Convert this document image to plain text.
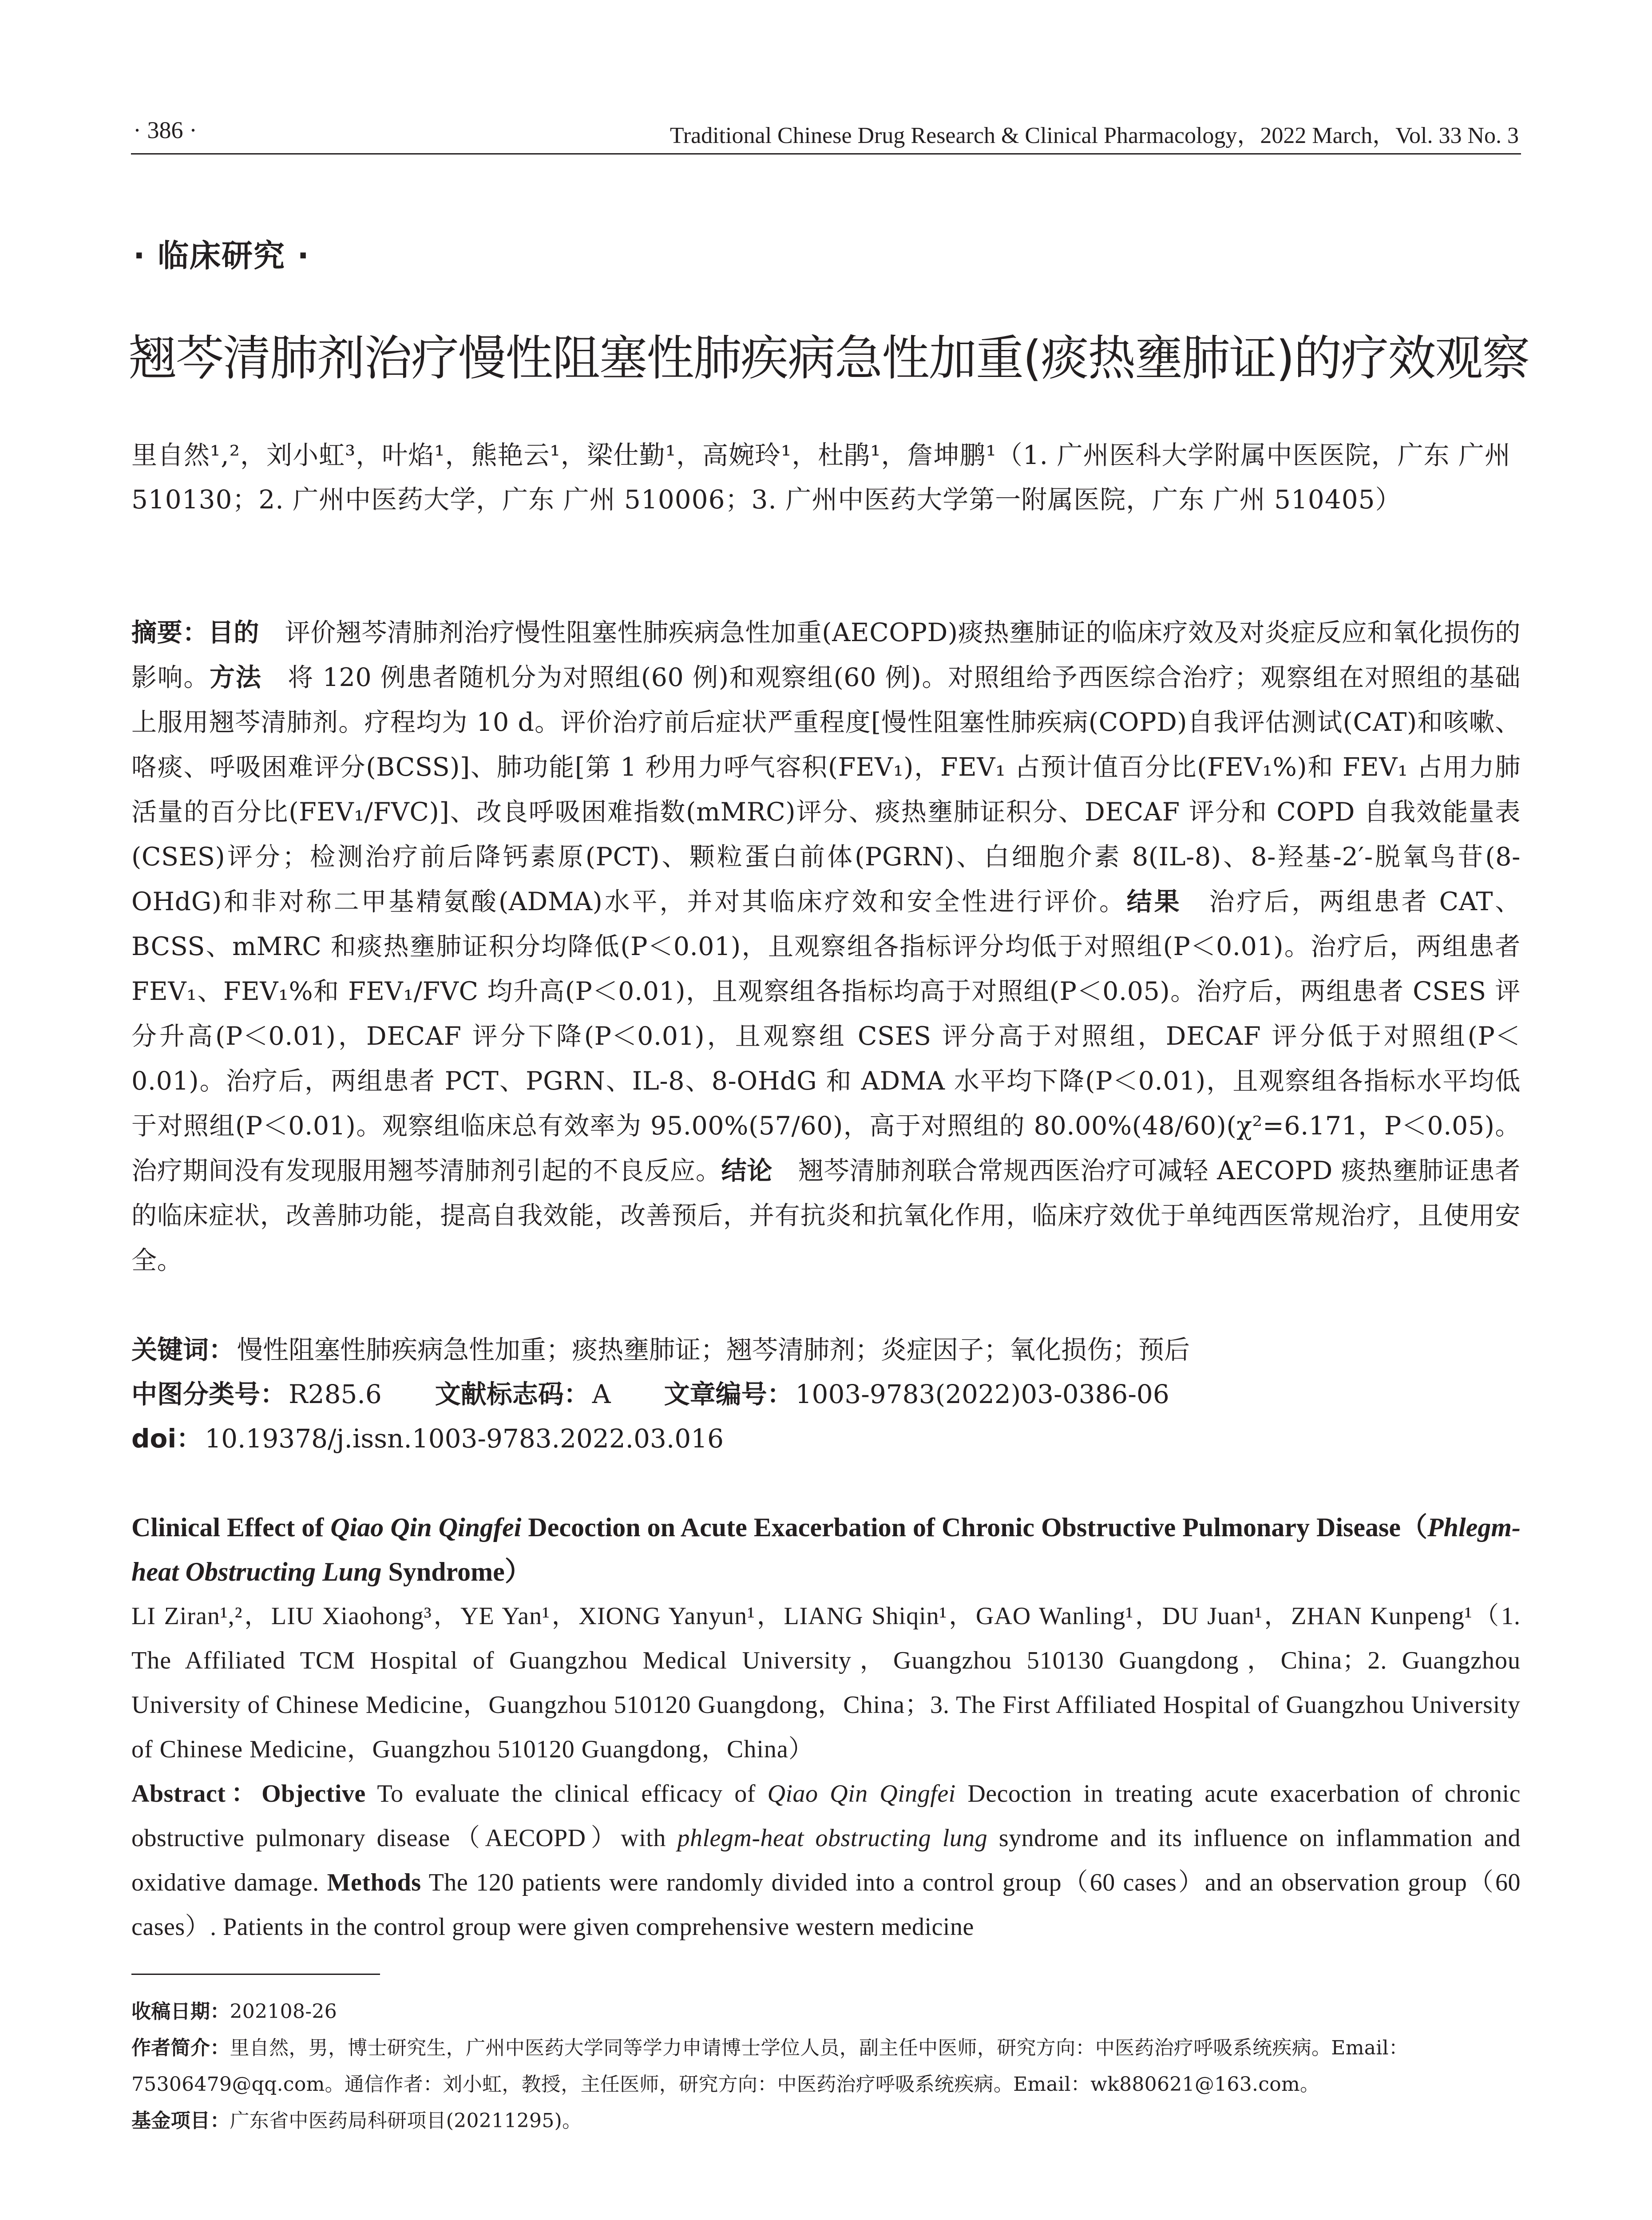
· 386 ·	Traditional Chinese Drug Research & Clinical Pharmacology，2022 March，Vol. 33 No. 3
· 临床研究 ·
翘芩清肺剂治疗慢性阻塞性肺疾病急性加重(痰热壅肺证)的疗效观察
里自然¹,²，刘小虹³，叶焰¹，熊艳云¹，梁仕勤¹，高婉玲¹，杜鹃¹，詹坤鹏¹（1. 广州医科大学附属中医医院，广东 广州 510130；2. 广州中医药大学，广东 广州 510006；3. 广州中医药大学第一附属医院，广东 广州 510405）
摘要：目的  评价翘芩清肺剂治疗慢性阻塞性肺疾病急性加重(AECOPD)痰热壅肺证的临床疗效及对炎症反应和氧化损伤的影响。方法  将 120 例患者随机分为对照组(60 例)和观察组(60 例)。对照组给予西医综合治疗；观察组在对照组的基础上服用翘芩清肺剂。疗程均为 10 d。评价治疗前后症状严重程度[慢性阻塞性肺疾病(COPD)自我评估测试(CAT)和咳嗽、咯痰、呼吸困难评分(BCSS)]、肺功能[第 1 秒用力呼气容积(FEV₁)，FEV₁ 占预计值百分比(FEV₁%)和 FEV₁ 占用力肺活量的百分比(FEV₁/FVC)]、改良呼吸困难指数(mMRC)评分、痰热壅肺证积分、DECAF 评分和 COPD 自我效能量表(CSES)评分；检测治疗前后降钙素原(PCT)、颗粒蛋白前体(PGRN)、白细胞介素 8(IL-8)、8-羟基-2′-脱氧鸟苷(8-OHdG)和非对称二甲基精氨酸(ADMA)水平，并对其临床疗效和安全性进行评价。结果  治疗后，两组患者 CAT、BCSS、mMRC 和痰热壅肺证积分均降低(P＜0.01)，且观察组各指标评分均低于对照组(P＜0.01)。治疗后，两组患者 FEV₁、FEV₁%和 FEV₁/FVC 均升高(P＜0.01)，且观察组各指标均高于对照组(P＜0.05)。治疗后，两组患者 CSES 评分升高(P＜0.01)，DECAF 评分下降(P＜0.01)，且观察组 CSES 评分高于对照组，DECAF 评分低于对照组(P＜0.01)。治疗后，两组患者 PCT、PGRN、IL-8、8-OHdG 和 ADMA 水平均下降(P＜0.01)，且观察组各指标水平均低于对照组(P＜0.01)。观察组临床总有效率为 95.00%(57/60)，高于对照组的 80.00%(48/60)(χ²=6.171，P＜0.05)。治疗期间没有发现服用翘芩清肺剂引起的不良反应。结论  翘芩清肺剂联合常规西医治疗可减轻 AECOPD 痰热壅肺证患者的临床症状，改善肺功能，提高自我效能，改善预后，并有抗炎和抗氧化作用，临床疗效优于单纯西医常规治疗，且使用安全。
关键词： 慢性阻塞性肺疾病急性加重；痰热壅肺证；翘芩清肺剂；炎症因子；氧化损伤；预后
中图分类号： R285.6 文献标志码： A 文章编号： 1003-9783(2022)03-0386-06
doi： 10.19378/j.issn.1003-9783.2022.03.016
Clinical Effect of Qiao Qin Qingfei Decoction on Acute Exacerbation of Chronic Obstructive Pulmonary Disease（Phlegm-heat Obstructing Lung Syndrome）
LI Ziran¹,²，LIU Xiaohong³，YE Yan¹，XIONG Yanyun¹，LIANG Shiqin¹，GAO Wanling¹，DU Juan¹，ZHAN Kunpeng¹（1. The Affiliated TCM Hospital of Guangzhou Medical University，Guangzhou 510130 Guangdong，China；2. Guangzhou University of Chinese Medicine，Guangzhou 510120 Guangdong，China；3. The First Affiliated Hospital of Guangzhou University of Chinese Medicine，Guangzhou 510120 Guangdong，China）
Abstract：Objective To evaluate the clinical efficacy of Qiao Qin Qingfei Decoction in treating acute exacerbation of chronic obstructive pulmonary disease（AECOPD）with phlegm-heat obstructing lung syndrome and its influence on inflammation and oxidative damage. Methods The 120 patients were randomly divided into a control group（60 cases）and an observation group（60 cases）. Patients in the control group were given comprehensive western medicine
收稿日期：202108-26
作者简介：里自然，男，博士研究生，广州中医药大学同等学力申请博士学位人员，副主任中医师，研究方向：中医药治疗呼吸系统疾病。Email：75306479@qq.com。通信作者：刘小虹，教授，主任医师，研究方向：中医药治疗呼吸系统疾病。Email：wk880621@163.com。
基金项目：广东省中医药局科研项目(20211295)。
